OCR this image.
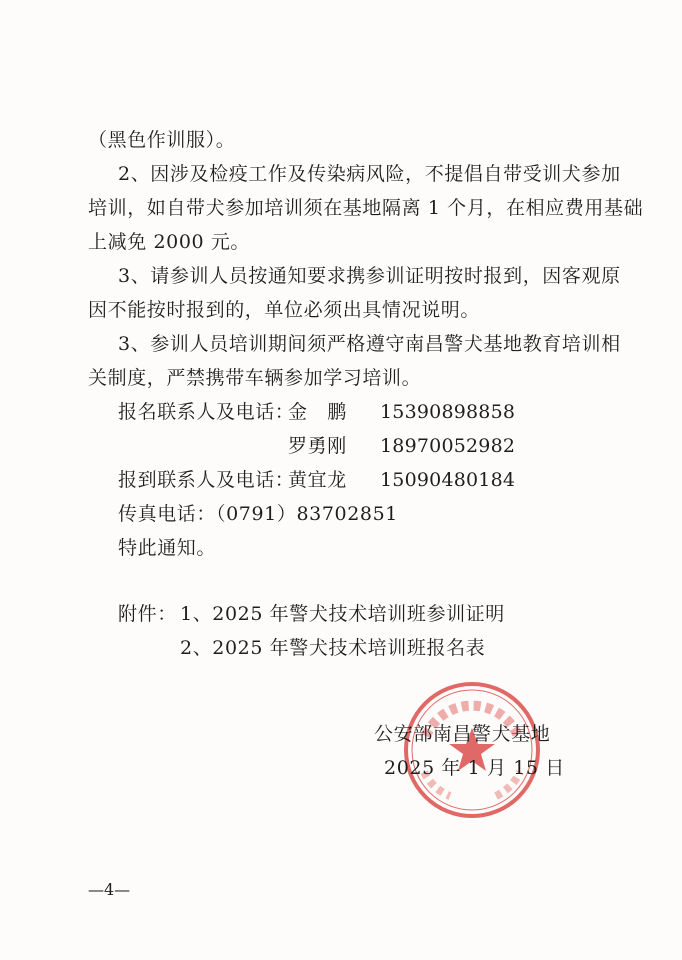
（黑色作训服）。
2、因涉及检疫工作及传染病风险，不提倡自带受训犬参加
培训，如自带犬参加培训须在基地隔离 1 个月，在相应费用基础
上减免 2000 元。
3、请参训人员按通知要求携参训证明按时报到，因客观原
因不能按时报到的，单位必须出具情况说明。
3、参训人员培训期间须严格遵守南昌警犬基地教育培训相
关制度，严禁携带车辆参加学习培训。
报名联系人及电话：
金　鹏 15390898858
罗勇刚 18970052982
报到联系人及电话：
黄宜龙 15090480184
传真电话：（0791）83702851
特此通知。
附件： 1、2025 年警犬技术培训班参训证明
2、2025 年警犬技术培训班报名表
公安部南昌警犬基地
2025 年 1 月 15 日
—4—
